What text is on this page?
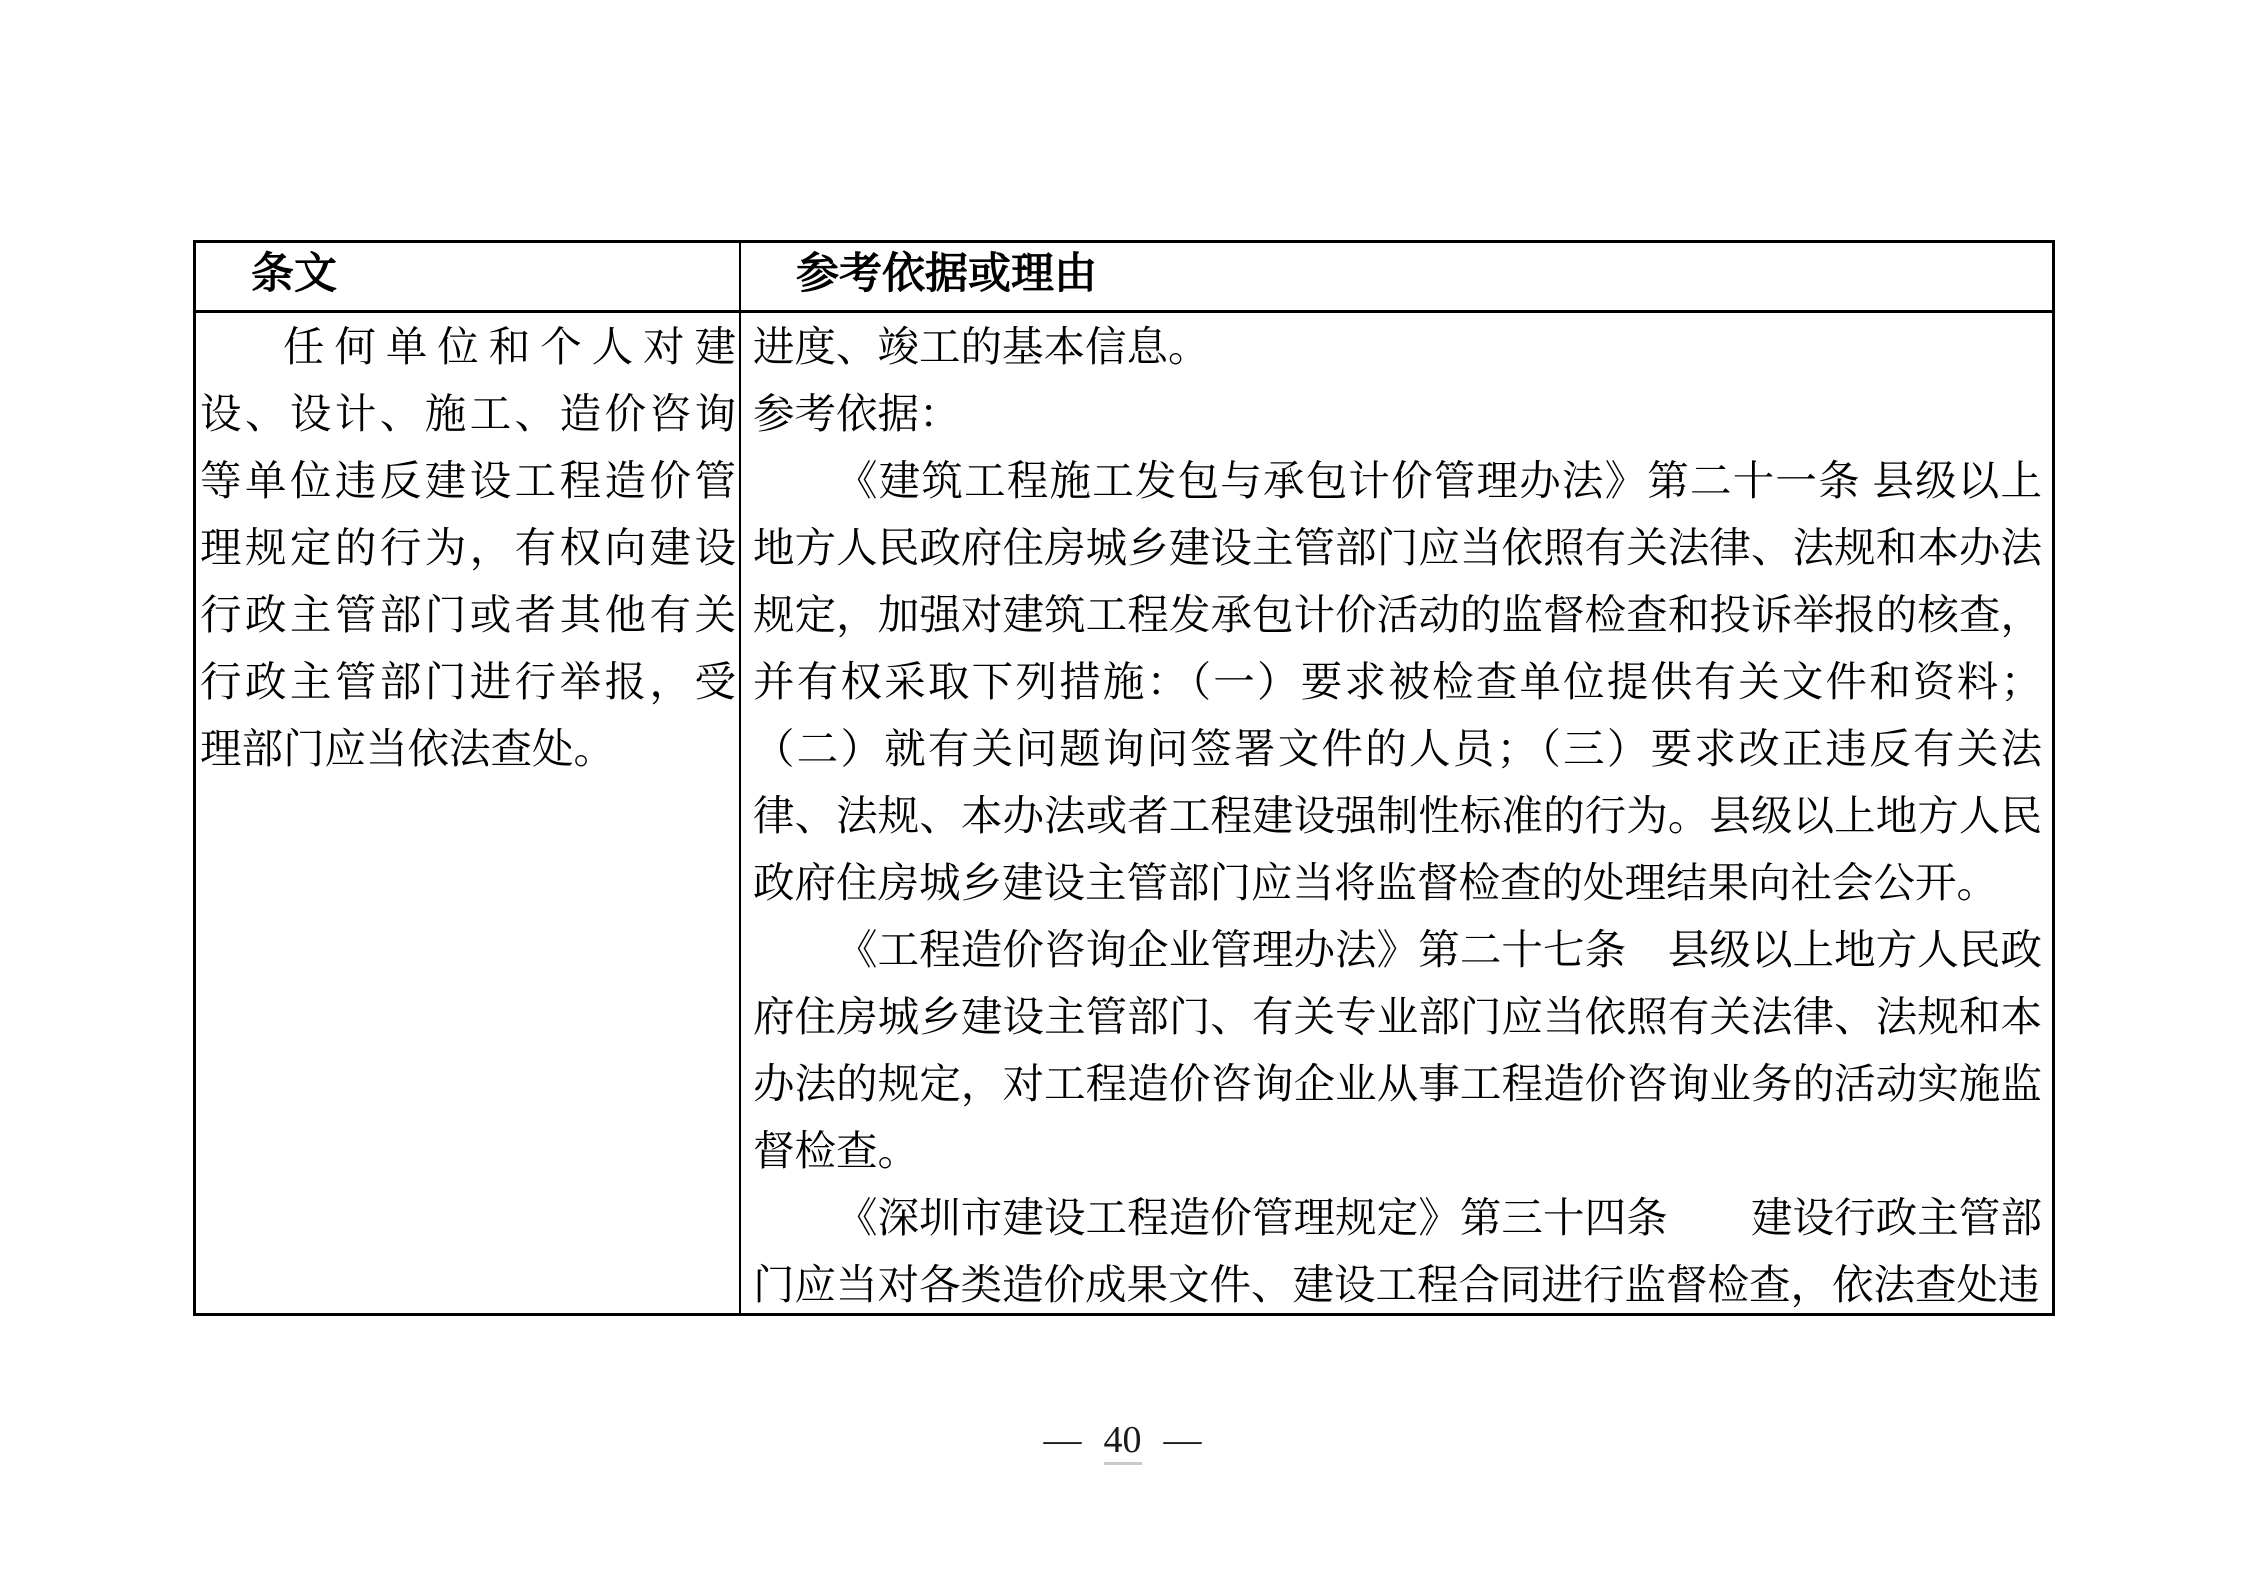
条文	参考依据或理由

任何单位和个人对建设、设计、施工、造价咨询等单位违反建设工程造价管理规定的行为，有权向建设行政主管部门或者其他有关行政主管部门进行举报，受理部门应当依法查处。

进度、竣工的基本信息。

参考依据：

《建筑工程施工发包与承包计价管理办法》第二十一条 县级以上地方人民政府住房城乡建设主管部门应当依照有关法律、法规和本办法规定，加强对建筑工程发承包计价活动的监督检查和投诉举报的核查，并有权采取下列措施：（一）要求被检查单位提供有关文件和资料；（二）就有关问题询问签署文件的人员；（三）要求改正违反有关法律、法规、本办法或者工程建设强制性标准的行为。县级以上地方人民政府住房城乡建设主管部门应当将监督检查的处理结果向社会公开。

《工程造价咨询企业管理办法》第二十七条　县级以上地方人民政府住房城乡建设主管部门、有关专业部门应当依照有关法律、法规和本办法的规定，对工程造价咨询企业从事工程造价咨询业务的活动实施监督检查。

《深圳市建设工程造价管理规定》第三十四条　　建设行政主管部门应当对各类造价成果文件、建设工程合同进行监督检查，依法查处违

— 40 —
